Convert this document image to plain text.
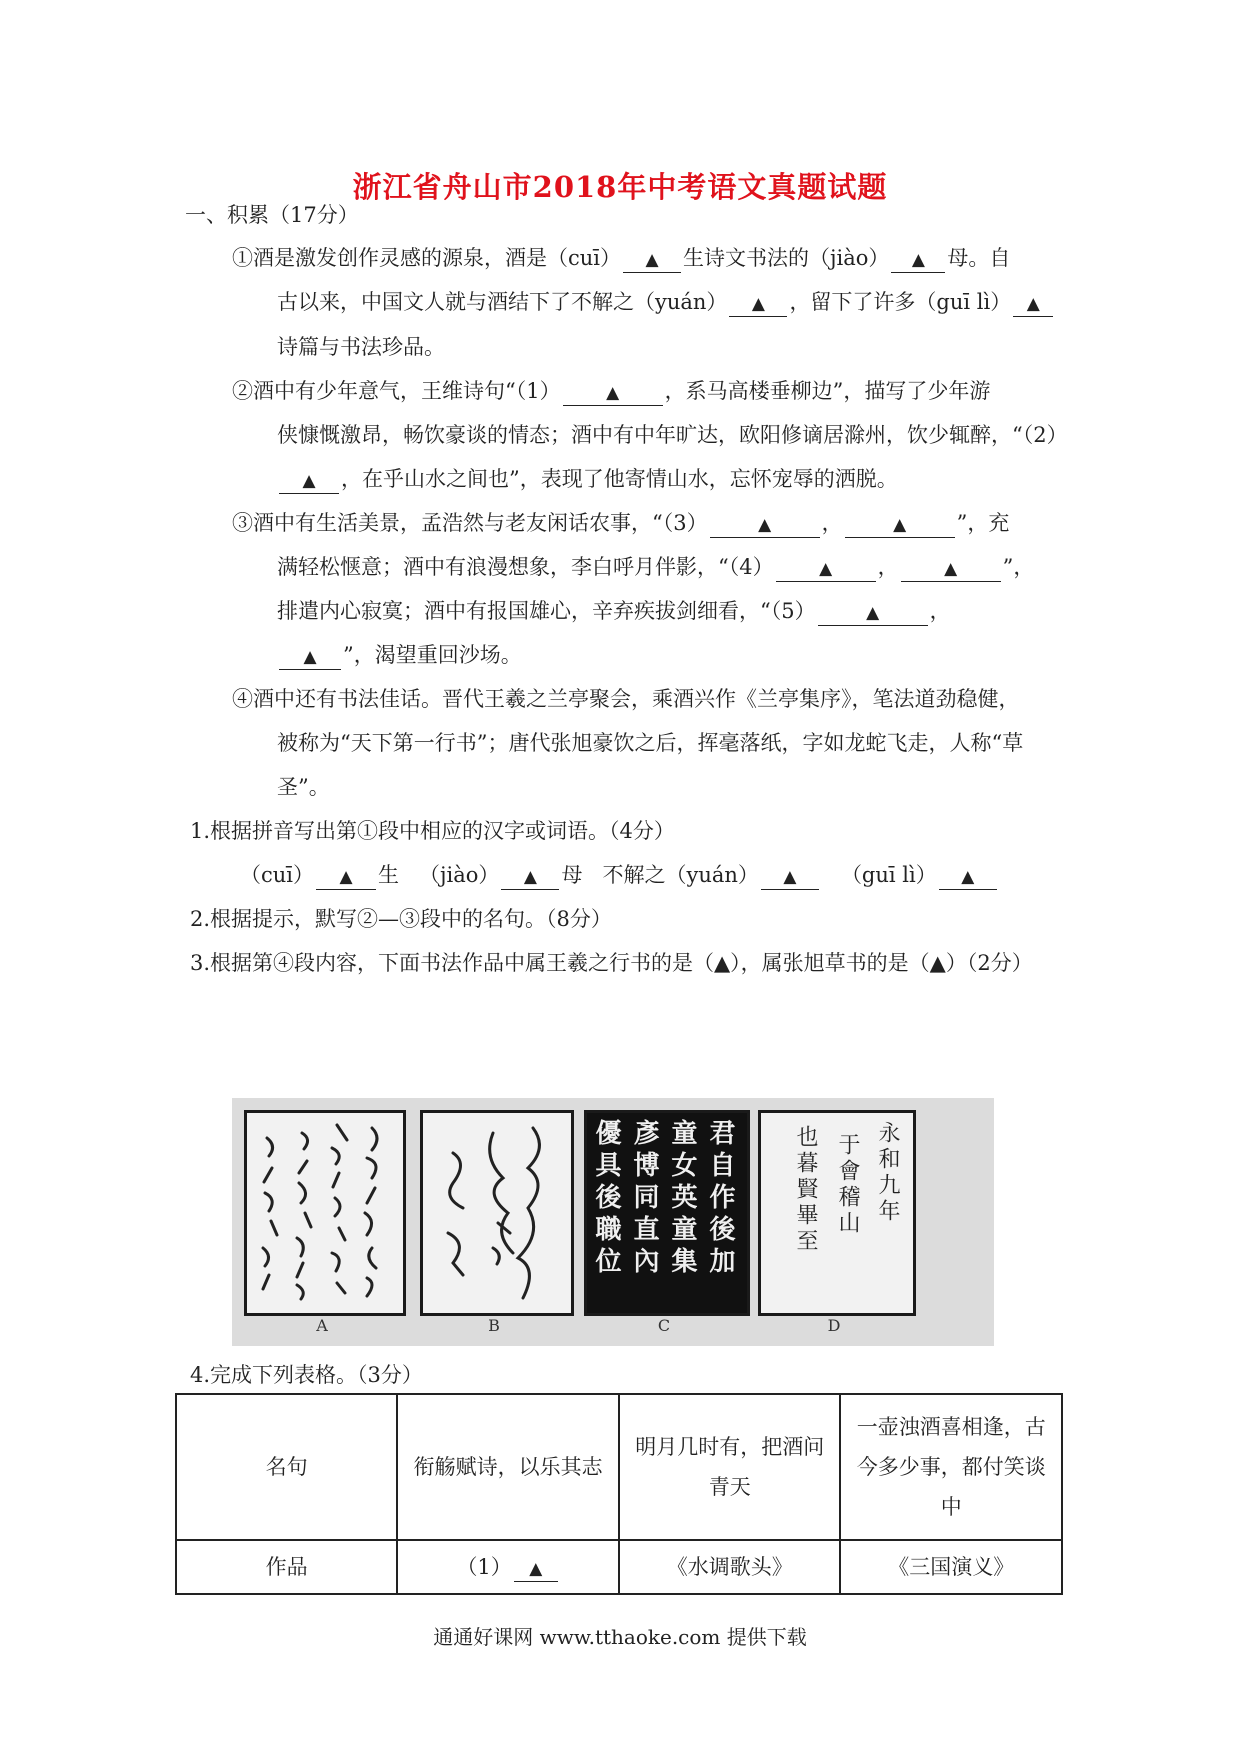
浙江省舟山市2018年中考语文真题试题
一、积累（17分）
①酒是激发创作灵感的源泉，酒是（cuī） ▲ 生诗文书法的（jiào） ▲ 母。自
古以来，中国文人就与酒结下了不解之（yuán） ▲ ，留下了许多（guī lì） ▲
诗篇与书法珍品。
②酒中有少年意气，王维诗句“（1）	▲ ，系马高楼垂柳边”，描写了少年游
侠慷慨激昂，畅饮豪谈的情态；酒中有中年旷达，欧阳修谪居滁州，饮少辄醉，“（2）
▲ ，在乎山水之间也”，表现了他寄情山水，忘怀宠辱的洒脱。
③酒中有生活美景，孟浩然与老友闲话农事，“（3）	▲ ，	▲ ”，充
满轻松惬意；酒中有浪漫想象，李白呼月伴影，“（4）	▲ ，	▲ ”，
排遣内心寂寞；酒中有报国雄心，辛弃疾拔剑细看，“（5）	▲ ，
▲ ”，渴望重回沙场。
④酒中还有书法佳话。晋代王羲之兰亭聚会，乘酒兴作《兰亭集序》，笔法道劲稳健，
被称为“天下第一行书”；唐代张旭豪饮之后，挥毫落纸，字如龙蛇飞走，人称“草
圣”。
1.根据拼音写出第①段中相应的汉字或词语。（4分）
（cuī） ▲ 生 （jiào） ▲ 母 不解之（yuán） ▲ （guī lì） ▲
2.根据提示，默写②—③段中的名句。（8分）
3.根据第④段内容，下面书法作品中属王羲之行书的是（▲），属张旭草书的是（▲）（2分）
君自作後加
童女英童集
彥博同直內
優具後職位	永和九年
于會稽山
也暮賢畢至
A	B	C	D
4.完成下列表格。（3分）
名句	衔觞赋诗，以乐其志	明月几时有，把酒问青天	一壶浊酒喜相逢，古今多少事，都付笑谈中
作品	（1） ▲	《水调歌头》	《三国演义》
通通好课网 www.tthaoke.com 提供下载
